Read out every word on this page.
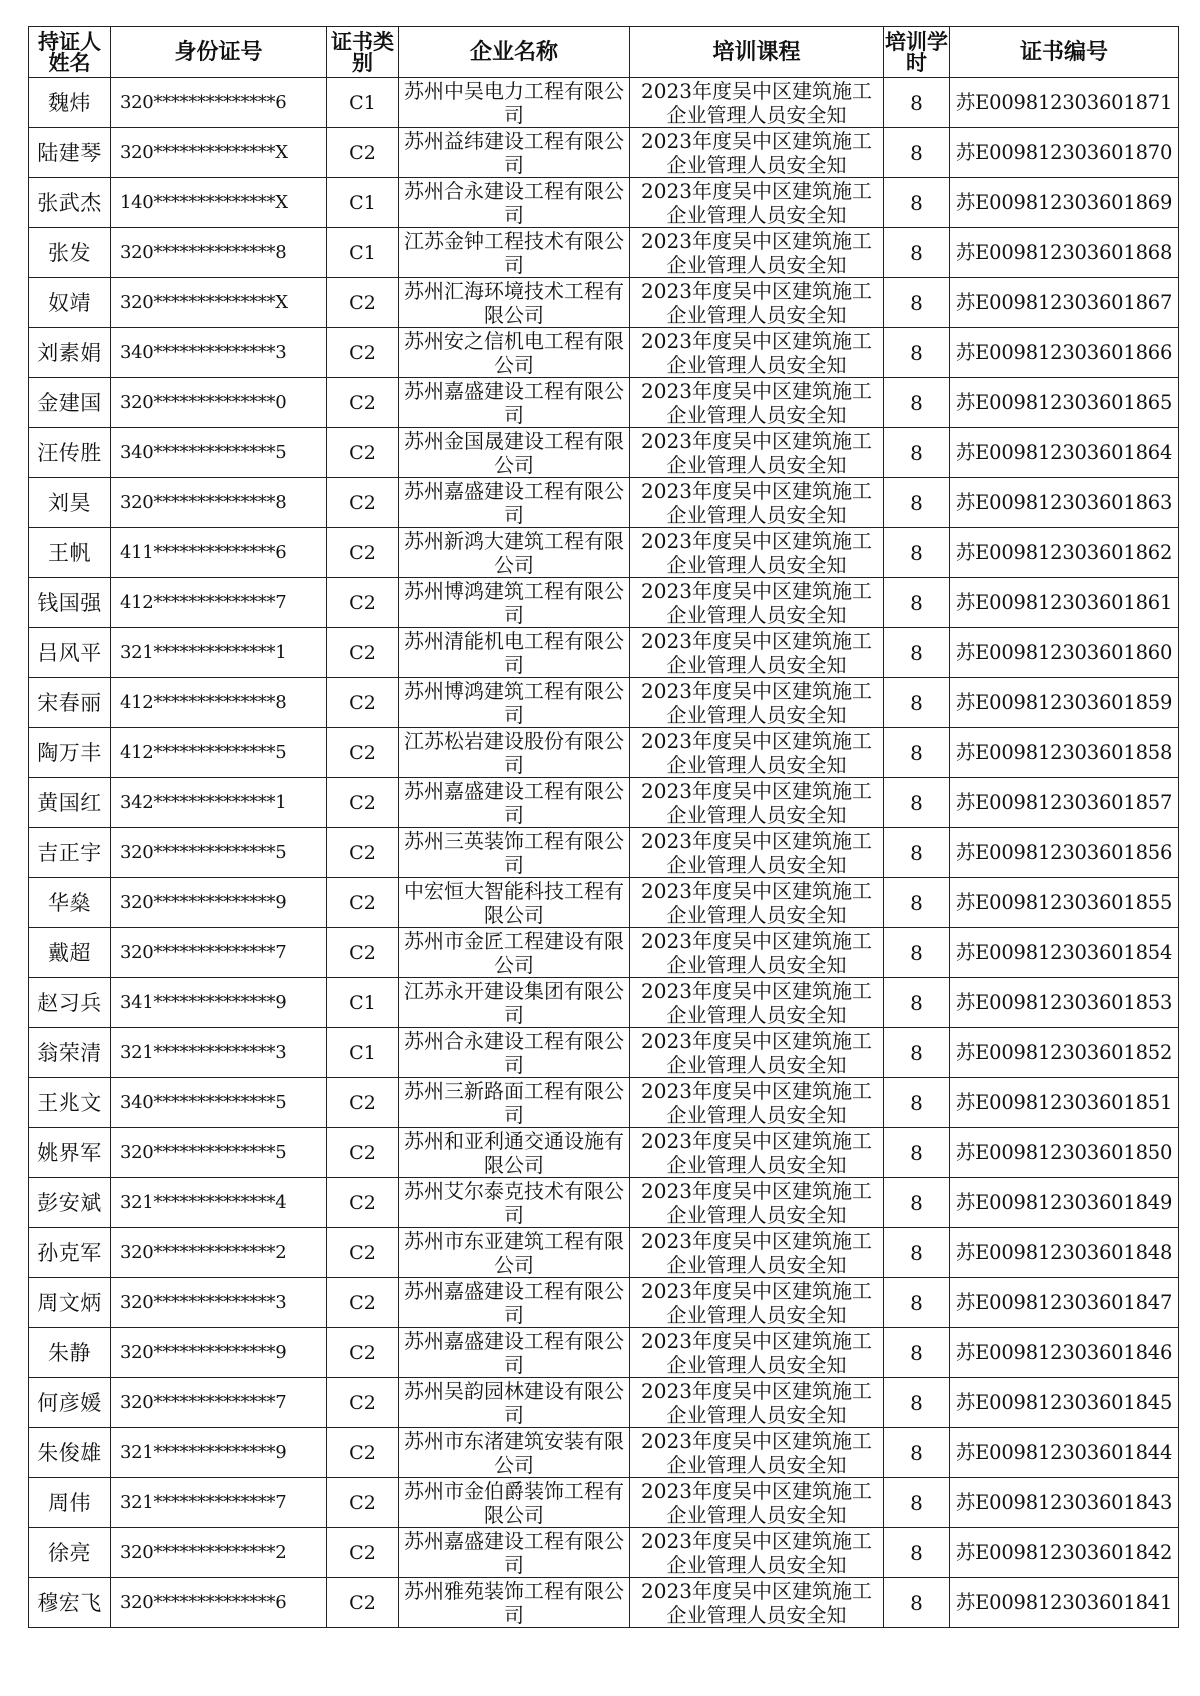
持证人姓名	身份证号	证书类别	企业名称	培训课程	培训学时	证书编号
魏炜	320**************6	C1	苏州中吴电力工程有限公司	2023年度吴中区建筑施工企业管理人员安全知	8	苏E009812303601871
陆建琴	320**************X	C2	苏州益纬建设工程有限公司	2023年度吴中区建筑施工企业管理人员安全知	8	苏E009812303601870
张武杰	140**************X	C1	苏州合永建设工程有限公司	2023年度吴中区建筑施工企业管理人员安全知	8	苏E009812303601869
张发	320**************8	C1	江苏金钟工程技术有限公司	2023年度吴中区建筑施工企业管理人员安全知	8	苏E009812303601868
奴靖	320**************X	C2	苏州汇海环境技术工程有限公司	2023年度吴中区建筑施工企业管理人员安全知	8	苏E009812303601867
刘素娟	340**************3	C2	苏州安之信机电工程有限公司	2023年度吴中区建筑施工企业管理人员安全知	8	苏E009812303601866
金建国	320**************0	C2	苏州嘉盛建设工程有限公司	2023年度吴中区建筑施工企业管理人员安全知	8	苏E009812303601865
汪传胜	340**************5	C2	苏州金国晟建设工程有限公司	2023年度吴中区建筑施工企业管理人员安全知	8	苏E009812303601864
刘昊	320**************8	C2	苏州嘉盛建设工程有限公司	2023年度吴中区建筑施工企业管理人员安全知	8	苏E009812303601863
王帆	411**************6	C2	苏州新鸿大建筑工程有限公司	2023年度吴中区建筑施工企业管理人员安全知	8	苏E009812303601862
钱国强	412**************7	C2	苏州博鸿建筑工程有限公司	2023年度吴中区建筑施工企业管理人员安全知	8	苏E009812303601861
吕风平	321**************1	C2	苏州清能机电工程有限公司	2023年度吴中区建筑施工企业管理人员安全知	8	苏E009812303601860
宋春丽	412**************8	C2	苏州博鸿建筑工程有限公司	2023年度吴中区建筑施工企业管理人员安全知	8	苏E009812303601859
陶万丰	412**************5	C2	江苏松岩建设股份有限公司	2023年度吴中区建筑施工企业管理人员安全知	8	苏E009812303601858
黄国红	342**************1	C2	苏州嘉盛建设工程有限公司	2023年度吴中区建筑施工企业管理人员安全知	8	苏E009812303601857
吉正宇	320**************5	C2	苏州三英装饰工程有限公司	2023年度吴中区建筑施工企业管理人员安全知	8	苏E009812303601856
华燊	320**************9	C2	中宏恒大智能科技工程有限公司	2023年度吴中区建筑施工企业管理人员安全知	8	苏E009812303601855
戴超	320**************7	C2	苏州市金匠工程建设有限公司	2023年度吴中区建筑施工企业管理人员安全知	8	苏E009812303601854
赵习兵	341**************9	C1	江苏永开建设集团有限公司	2023年度吴中区建筑施工企业管理人员安全知	8	苏E009812303601853
翁荣清	321**************3	C1	苏州合永建设工程有限公司	2023年度吴中区建筑施工企业管理人员安全知	8	苏E009812303601852
王兆文	340**************5	C2	苏州三新路面工程有限公司	2023年度吴中区建筑施工企业管理人员安全知	8	苏E009812303601851
姚界军	320**************5	C2	苏州和亚利通交通设施有限公司	2023年度吴中区建筑施工企业管理人员安全知	8	苏E009812303601850
彭安斌	321**************4	C2	苏州艾尔泰克技术有限公司	2023年度吴中区建筑施工企业管理人员安全知	8	苏E009812303601849
孙克军	320**************2	C2	苏州市东亚建筑工程有限公司	2023年度吴中区建筑施工企业管理人员安全知	8	苏E009812303601848
周文炳	320**************3	C2	苏州嘉盛建设工程有限公司	2023年度吴中区建筑施工企业管理人员安全知	8	苏E009812303601847
朱静	320**************9	C2	苏州嘉盛建设工程有限公司	2023年度吴中区建筑施工企业管理人员安全知	8	苏E009812303601846
何彦媛	320**************7	C2	苏州吴韵园林建设有限公司	2023年度吴中区建筑施工企业管理人员安全知	8	苏E009812303601845
朱俊雄	321**************9	C2	苏州市东渚建筑安装有限公司	2023年度吴中区建筑施工企业管理人员安全知	8	苏E009812303601844
周伟	321**************7	C2	苏州市金伯爵装饰工程有限公司	2023年度吴中区建筑施工企业管理人员安全知	8	苏E009812303601843
徐亮	320**************2	C2	苏州嘉盛建设工程有限公司	2023年度吴中区建筑施工企业管理人员安全知	8	苏E009812303601842
穆宏飞	320**************6	C2	苏州雅苑装饰工程有限公司	2023年度吴中区建筑施工企业管理人员安全知	8	苏E009812303601841
